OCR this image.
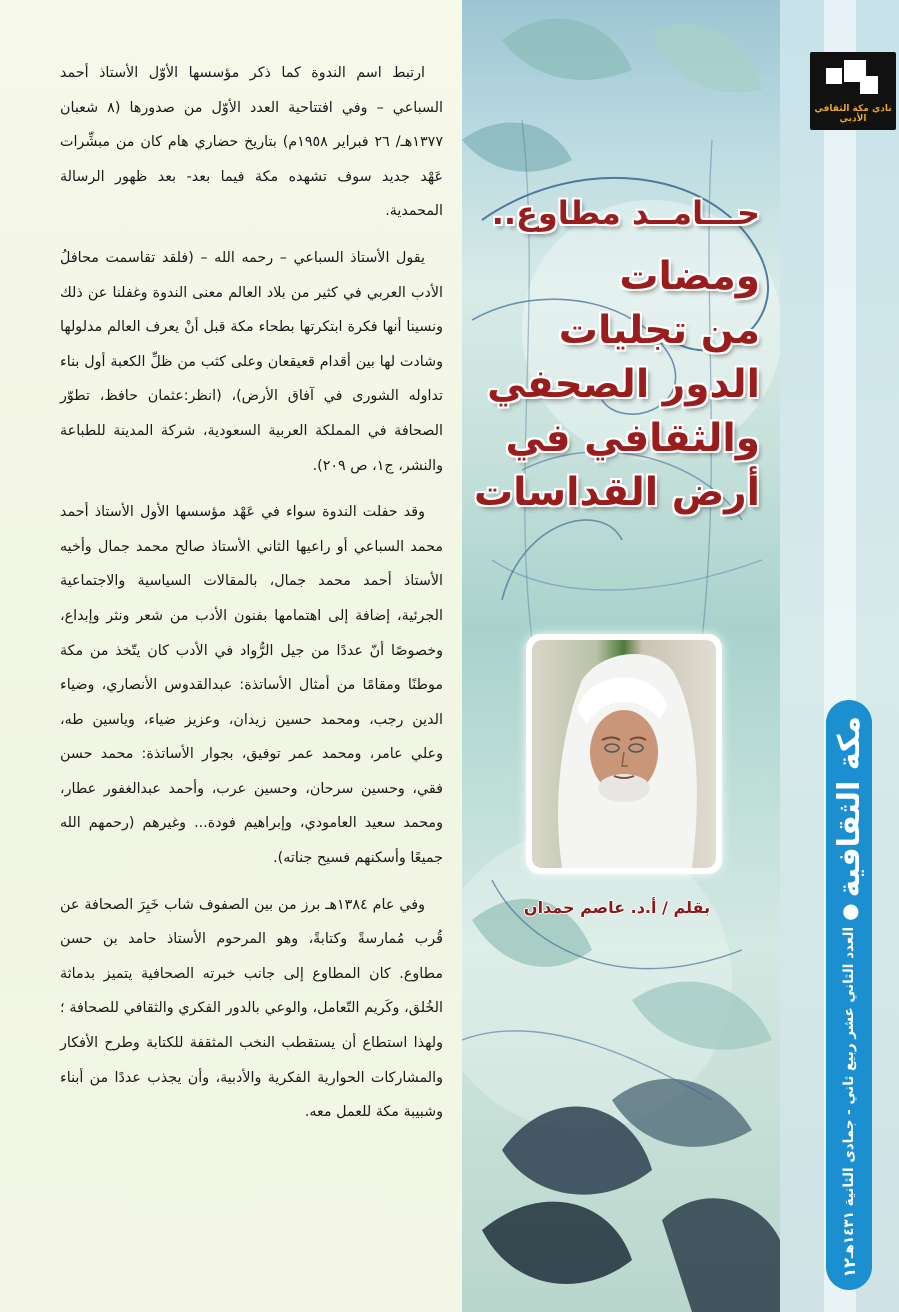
ارتبط اسم الندوة كما ذكر مؤسسها الأوّل الأستاذ أحمد السباعي – وفي افتتاحية العدد الأوّل من صدورها (٨ شعبان ١٣٧٧هـ/ ٢٦ فبراير ١٩٥٨م) بتاريخ حضاري هام كان من مبشِّرات عَهْد جديد سوف تشهده مكة فيما بعد- بعد ظهور الرسالة المحمدية.

يقول الأستاذ السباعي – رحمه الله – (فلقد تقاسمت محافلُ الأدب العربي في كثير من بلاد العالم معنى الندوة وغفلنا عن ذلك ونسينا أنها فكرة ابتكرتها بطحاء مكة قبل أنْ يعرف العالم مدلولها وشادت لها بين أقدام قعيقعان وعلى كثب من ظلِّ الكعبة أول بناء تداوله الشورى في آفاق الأرض)، (انظر:عثمان حافظ، تطوّر الصحافة في المملكة العربية السعودية، شركة المدينة للطباعة والنشر، ج١، ص ٢٠٩).

وقد حفلت الندوة سواء في عَهْد مؤسسها الأول الأستاذ أحمد محمد السباعي أو راعيها الثاني الأستاذ صالح محمد جمال وأخيه الأستاذ أحمد محمد جمال، بالمقالات السياسية والاجتماعية الجرئية، إضافة إلى اهتمامها بفنون الأدب من شعر ونثر وإبداع، وخصوصًا أنّ عددًا من جيل الرُّواد في الأدب كان يتّخذ من مكة موطنًا ومقامًا من أمثال الأساتذة: عبدالقدوس الأنصاري، وضياء الدين رجب، ومحمد حسين زيدان، وعزيز ضياء، وياسين طه، وعلي عامر، ومحمد عمر توفيق، بجوار الأساتذة: محمد حسن فقي، وحسين سرحان، وحسين عرب، وأحمد عبدالغفور عطار، ومحمد سعيد العامودي، وإبراهيم فودة... وغيرهم (رحمهم الله جميعًا وأسكنهم فسيح جناته).

وفي عام ١٣٨٤هـ برز من بين الصفوف شاب خَبِرَ الصحافة عن قُرب مُمارسةً وكتابةً، وهو المرحوم الأستاذ حامد بن حسن مطاوع. كان المطاوع إلى جانب خبرته الصحافية يتميز بدماثة الخُلق، وكَريم التّعامل، والوعي بالدور الفكري والثقافي للصحافة ؛ ولهذا استطاع أن يستقطب النخب المثقفة للكتابة وطرح الأفكار والمشاركات الحوارية الفكرية والأدبية، وأن يجذب عددًا من أبناء وشبيبة مكة للعمل معه.

حـــامــد مطاوع..
ومضات
من تجليات
الدور الصحفي
والثقافي في
أرض القداسات
بقلم / أ.د. عاصم حمدان
نادي مكة الثقافي الأدبي
مكة الثقافية
●
العدد الثاني عشر ربيع ثاني - جمادى الثانية ١٤٣١هـ
١٢
